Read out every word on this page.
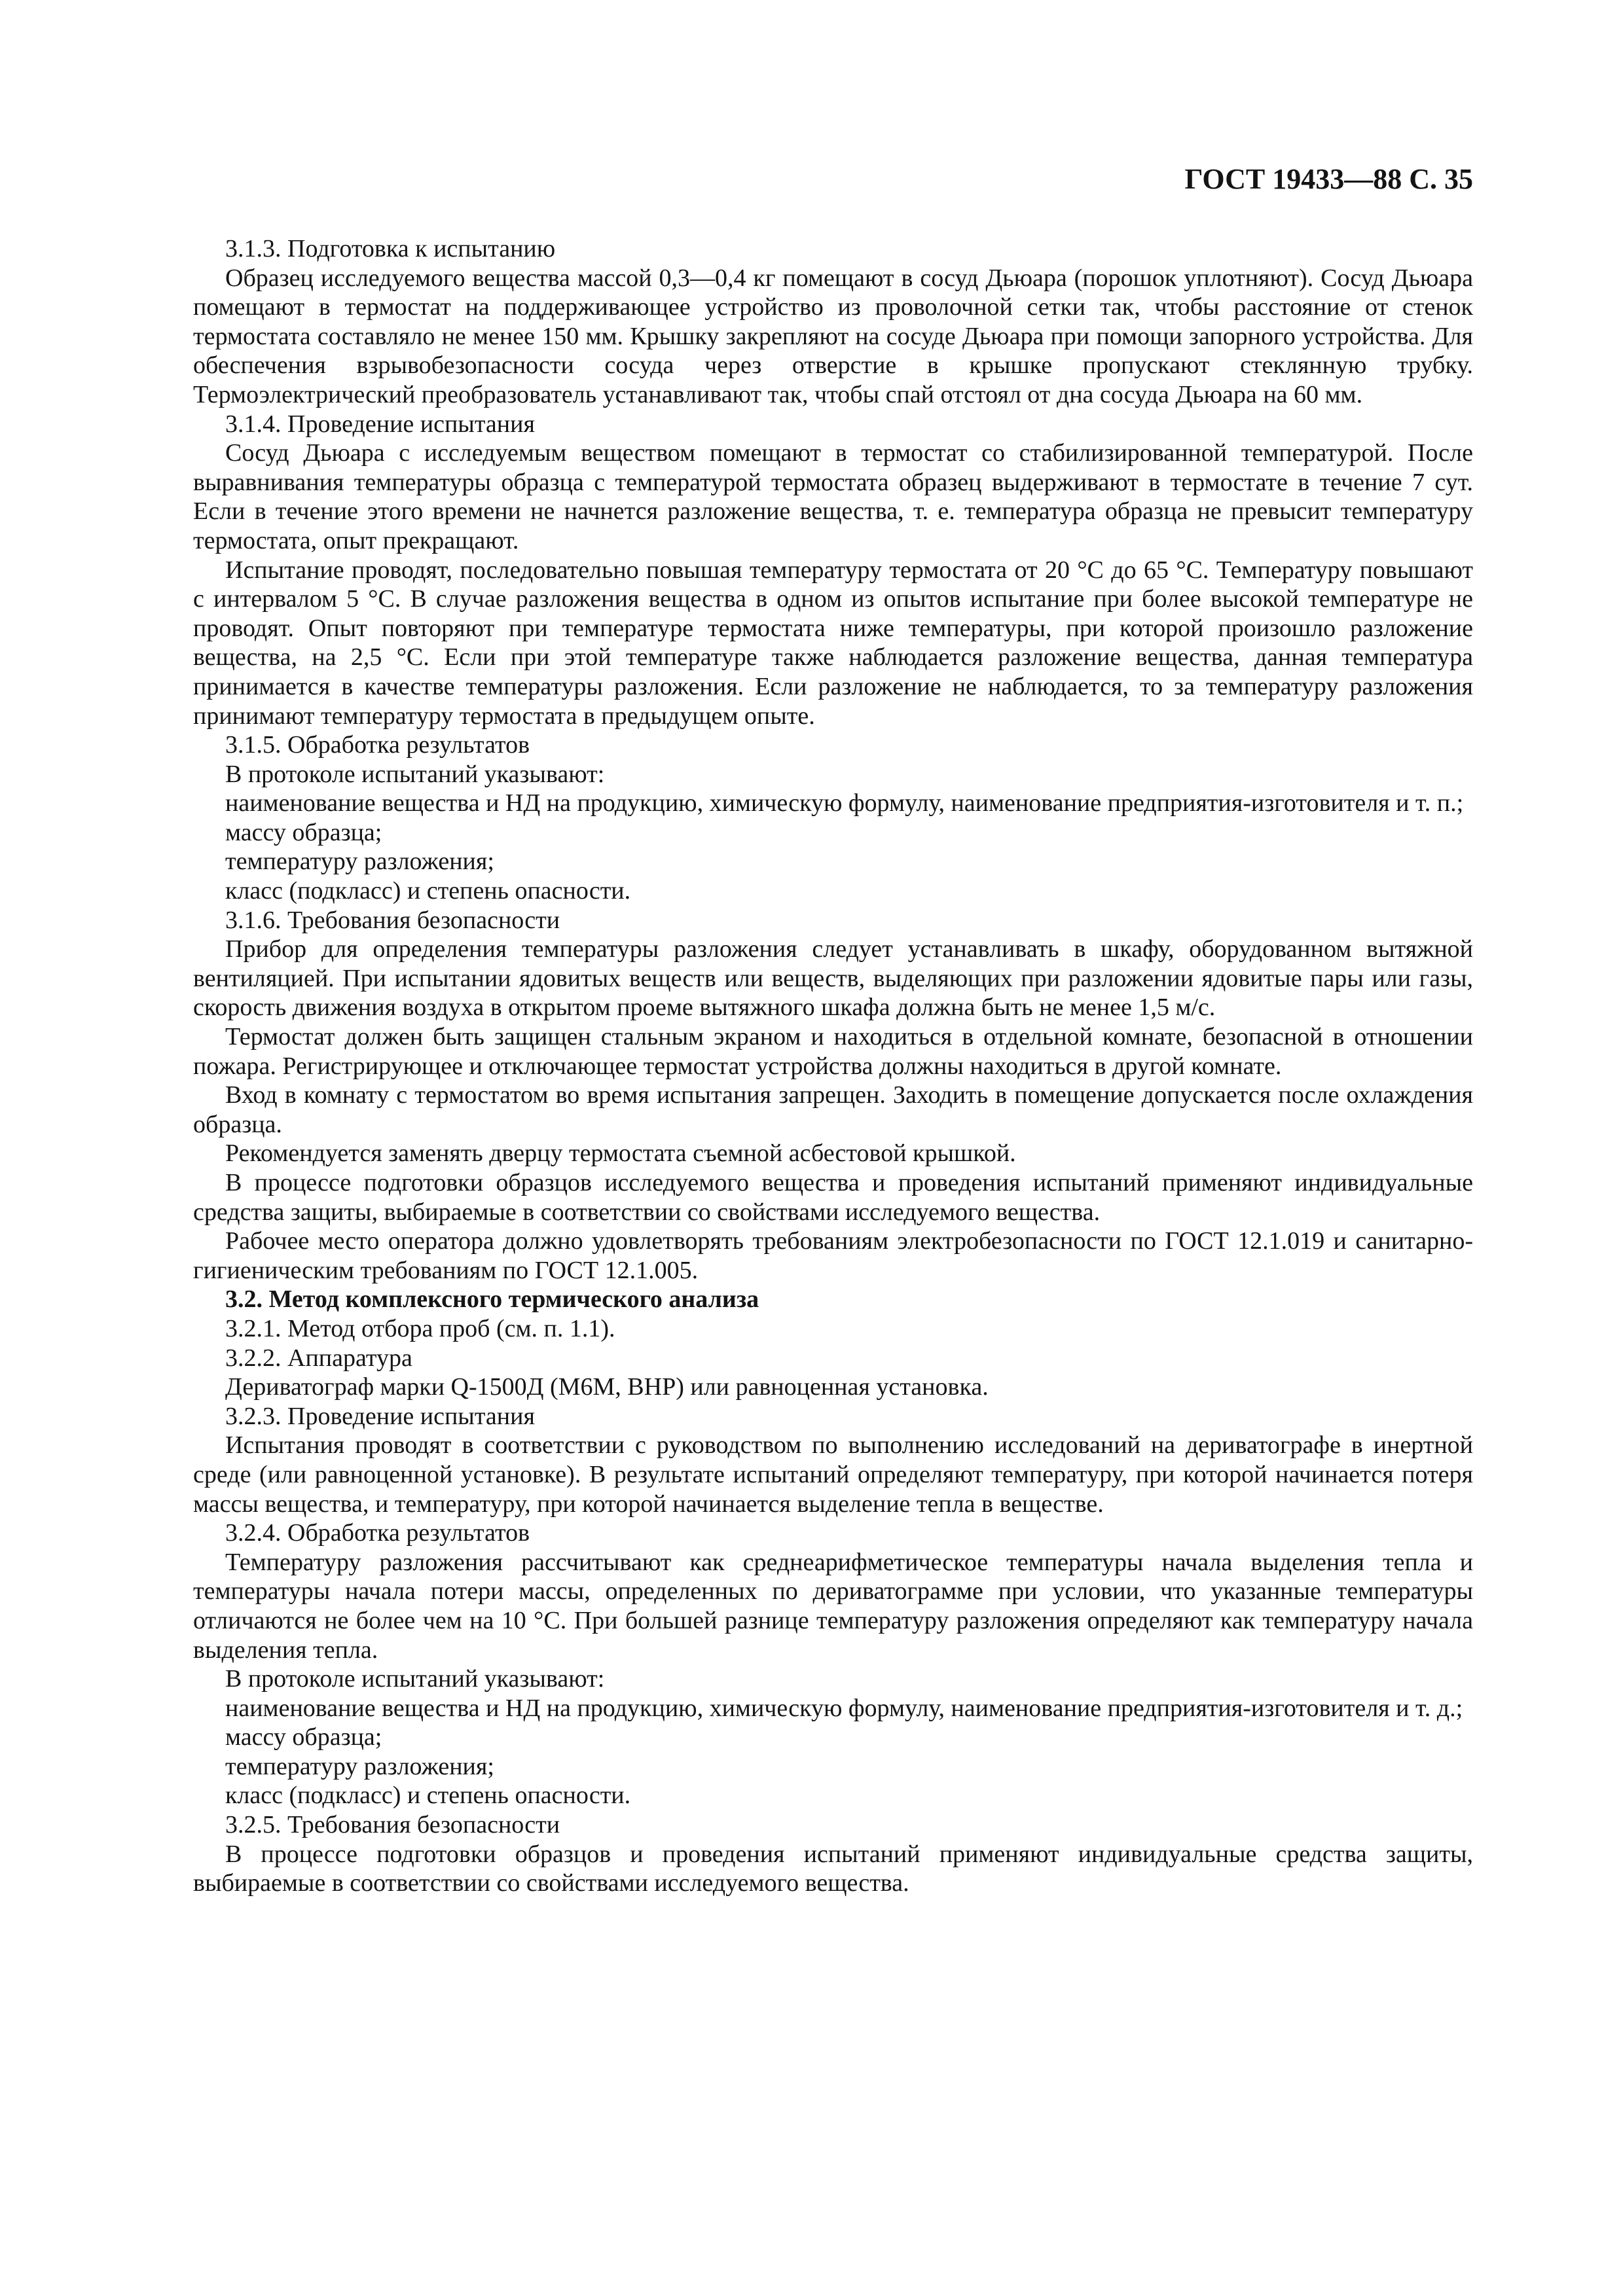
ГОСТ 19433—88 С. 35

3.1.3. Подготовка к испытанию

Образец исследуемого вещества массой 0,3—0,4 кг помещают в сосуд Дьюара (порошок уплотняют). Сосуд Дьюара помещают в термостат на поддерживающее устройство из проволочной сетки так, чтобы расстояние от стенок термостата составляло не менее 150 мм. Крышку закрепляют на сосуде Дьюара при помощи запорного устройства. Для обеспечения взрывобезопасности сосуда через отверстие в крышке пропускают стеклянную трубку. Термоэлектрический преобразователь устанавливают так, чтобы спай отстоял от дна сосуда Дьюара на 60 мм.

3.1.4. Проведение испытания

Сосуд Дьюара с исследуемым веществом помещают в термостат со стабилизированной температурой. После выравнивания температуры образца с температурой термостата образец выдерживают в термостате в течение 7 сут. Если в течение этого времени не начнется разложение вещества, т. е. температура образца не превысит температуру термостата, опыт прекращают.

Испытание проводят, последовательно повышая температуру термостата от 20 °С до 65 °С. Температуру повышают с интервалом 5 °С. В случае разложения вещества в одном из опытов испытание при более высокой температуре не проводят. Опыт повторяют при температуре термостата ниже температуры, при которой произошло разложение вещества, на 2,5 °С. Если при этой температуре также наблюдается разложение вещества, данная температура принимается в качестве температуры разложения. Если разложение не наблюдается, то за температуру разложения принимают температуру термостата в предыдущем опыте.

3.1.5. Обработка результатов

В протоколе испытаний указывают:

наименование вещества и НД на продукцию, химическую формулу, наименование предприятия-изготовителя и т. п.;

массу образца;

температуру разложения;

класс (подкласс) и степень опасности.

3.1.6. Требования безопасности

Прибор для определения температуры разложения следует устанавливать в шкафу, оборудованном вытяжной вентиляцией. При испытании ядовитых веществ или веществ, выделяющих при разложении ядовитые пары или газы, скорость движения воздуха в открытом проеме вытяжного шкафа должна быть не менее 1,5 м/с.

Термостат должен быть защищен стальным экраном и находиться в отдельной комнате, безопасной в отношении пожара. Регистрирующее и отключающее термостат устройства должны находиться в другой комнате.

Вход в комнату с термостатом во время испытания запрещен. Заходить в помещение допускается после охлаждения образца.

Рекомендуется заменять дверцу термостата съемной асбестовой крышкой.

В процессе подготовки образцов исследуемого вещества и проведения испытаний применяют индивидуальные средства защиты, выбираемые в соответствии со свойствами исследуемого вещества.

Рабочее место оператора должно удовлетворять требованиям электробезопасности по ГОСТ 12.1.019 и санитарно-гигиеническим требованиям по ГОСТ 12.1.005.

3.2. Метод комплексного термического анализа

3.2.1. Метод отбора проб (см. п. 1.1).

3.2.2. Аппаратура

Дериватограф марки Q-1500Д (М6М, ВНР) или равноценная установка.

3.2.3. Проведение испытания

Испытания проводят в соответствии с руководством по выполнению исследований на дериватографе в инертной среде (или равноценной установке). В результате испытаний определяют температуру, при которой начинается потеря массы вещества, и температуру, при которой начинается выделение тепла в веществе.

3.2.4. Обработка результатов

Температуру разложения рассчитывают как среднеарифметическое температуры начала выделения тепла и температуры начала потери массы, определенных по дериватограмме при условии, что указанные температуры отличаются не более чем на 10 °С. При большей разнице температуру разложения определяют как температуру начала выделения тепла.

В протоколе испытаний указывают:

наименование вещества и НД на продукцию, химическую формулу, наименование предприятия-изготовителя и т. д.;

массу образца;

температуру разложения;

класс (подкласс) и степень опасности.

3.2.5. Требования безопасности

В процессе подготовки образцов и проведения испытаний применяют индивидуальные средства защиты, выбираемые в соответствии со свойствами исследуемого вещества.
